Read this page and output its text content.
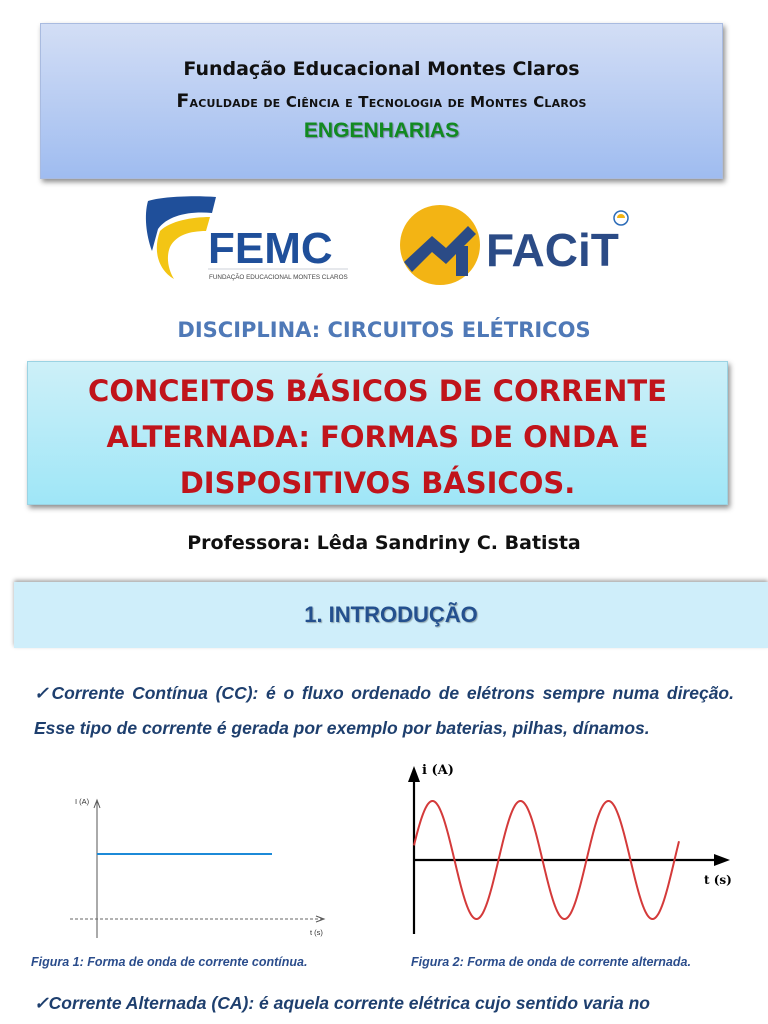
Fundação Educacional Montes Claros
Faculdade de Ciência e Tecnologia de Montes Claros
ENGENHARIAS
FEMC
FUNDAÇÃO EDUCACIONAL MONTES CLAROS
FACiT
DISCIPLINA: CIRCUITOS ELÉTRICOS
CONCEITOS BÁSICOS DE CORRENTE ALTERNADA: FORMAS DE ONDA E DISPOSITIVOS BÁSICOS.
Professora: Lêda Sandriny C. Batista
1. INTRODUÇÃO
✓Corrente Contínua (CC): é o fluxo ordenado de elétrons sempre numa direção. Esse tipo de corrente é gerada por exemplo por baterias, pilhas, dínamos.
I (A)
t (s)
i (A)
t (s)
Figura 1: Forma de onda de corrente contínua.	Figura 2: Forma de onda de corrente alternada.
✓Corrente Alternada (CA): é aquela corrente elétrica cujo sentido varia no
